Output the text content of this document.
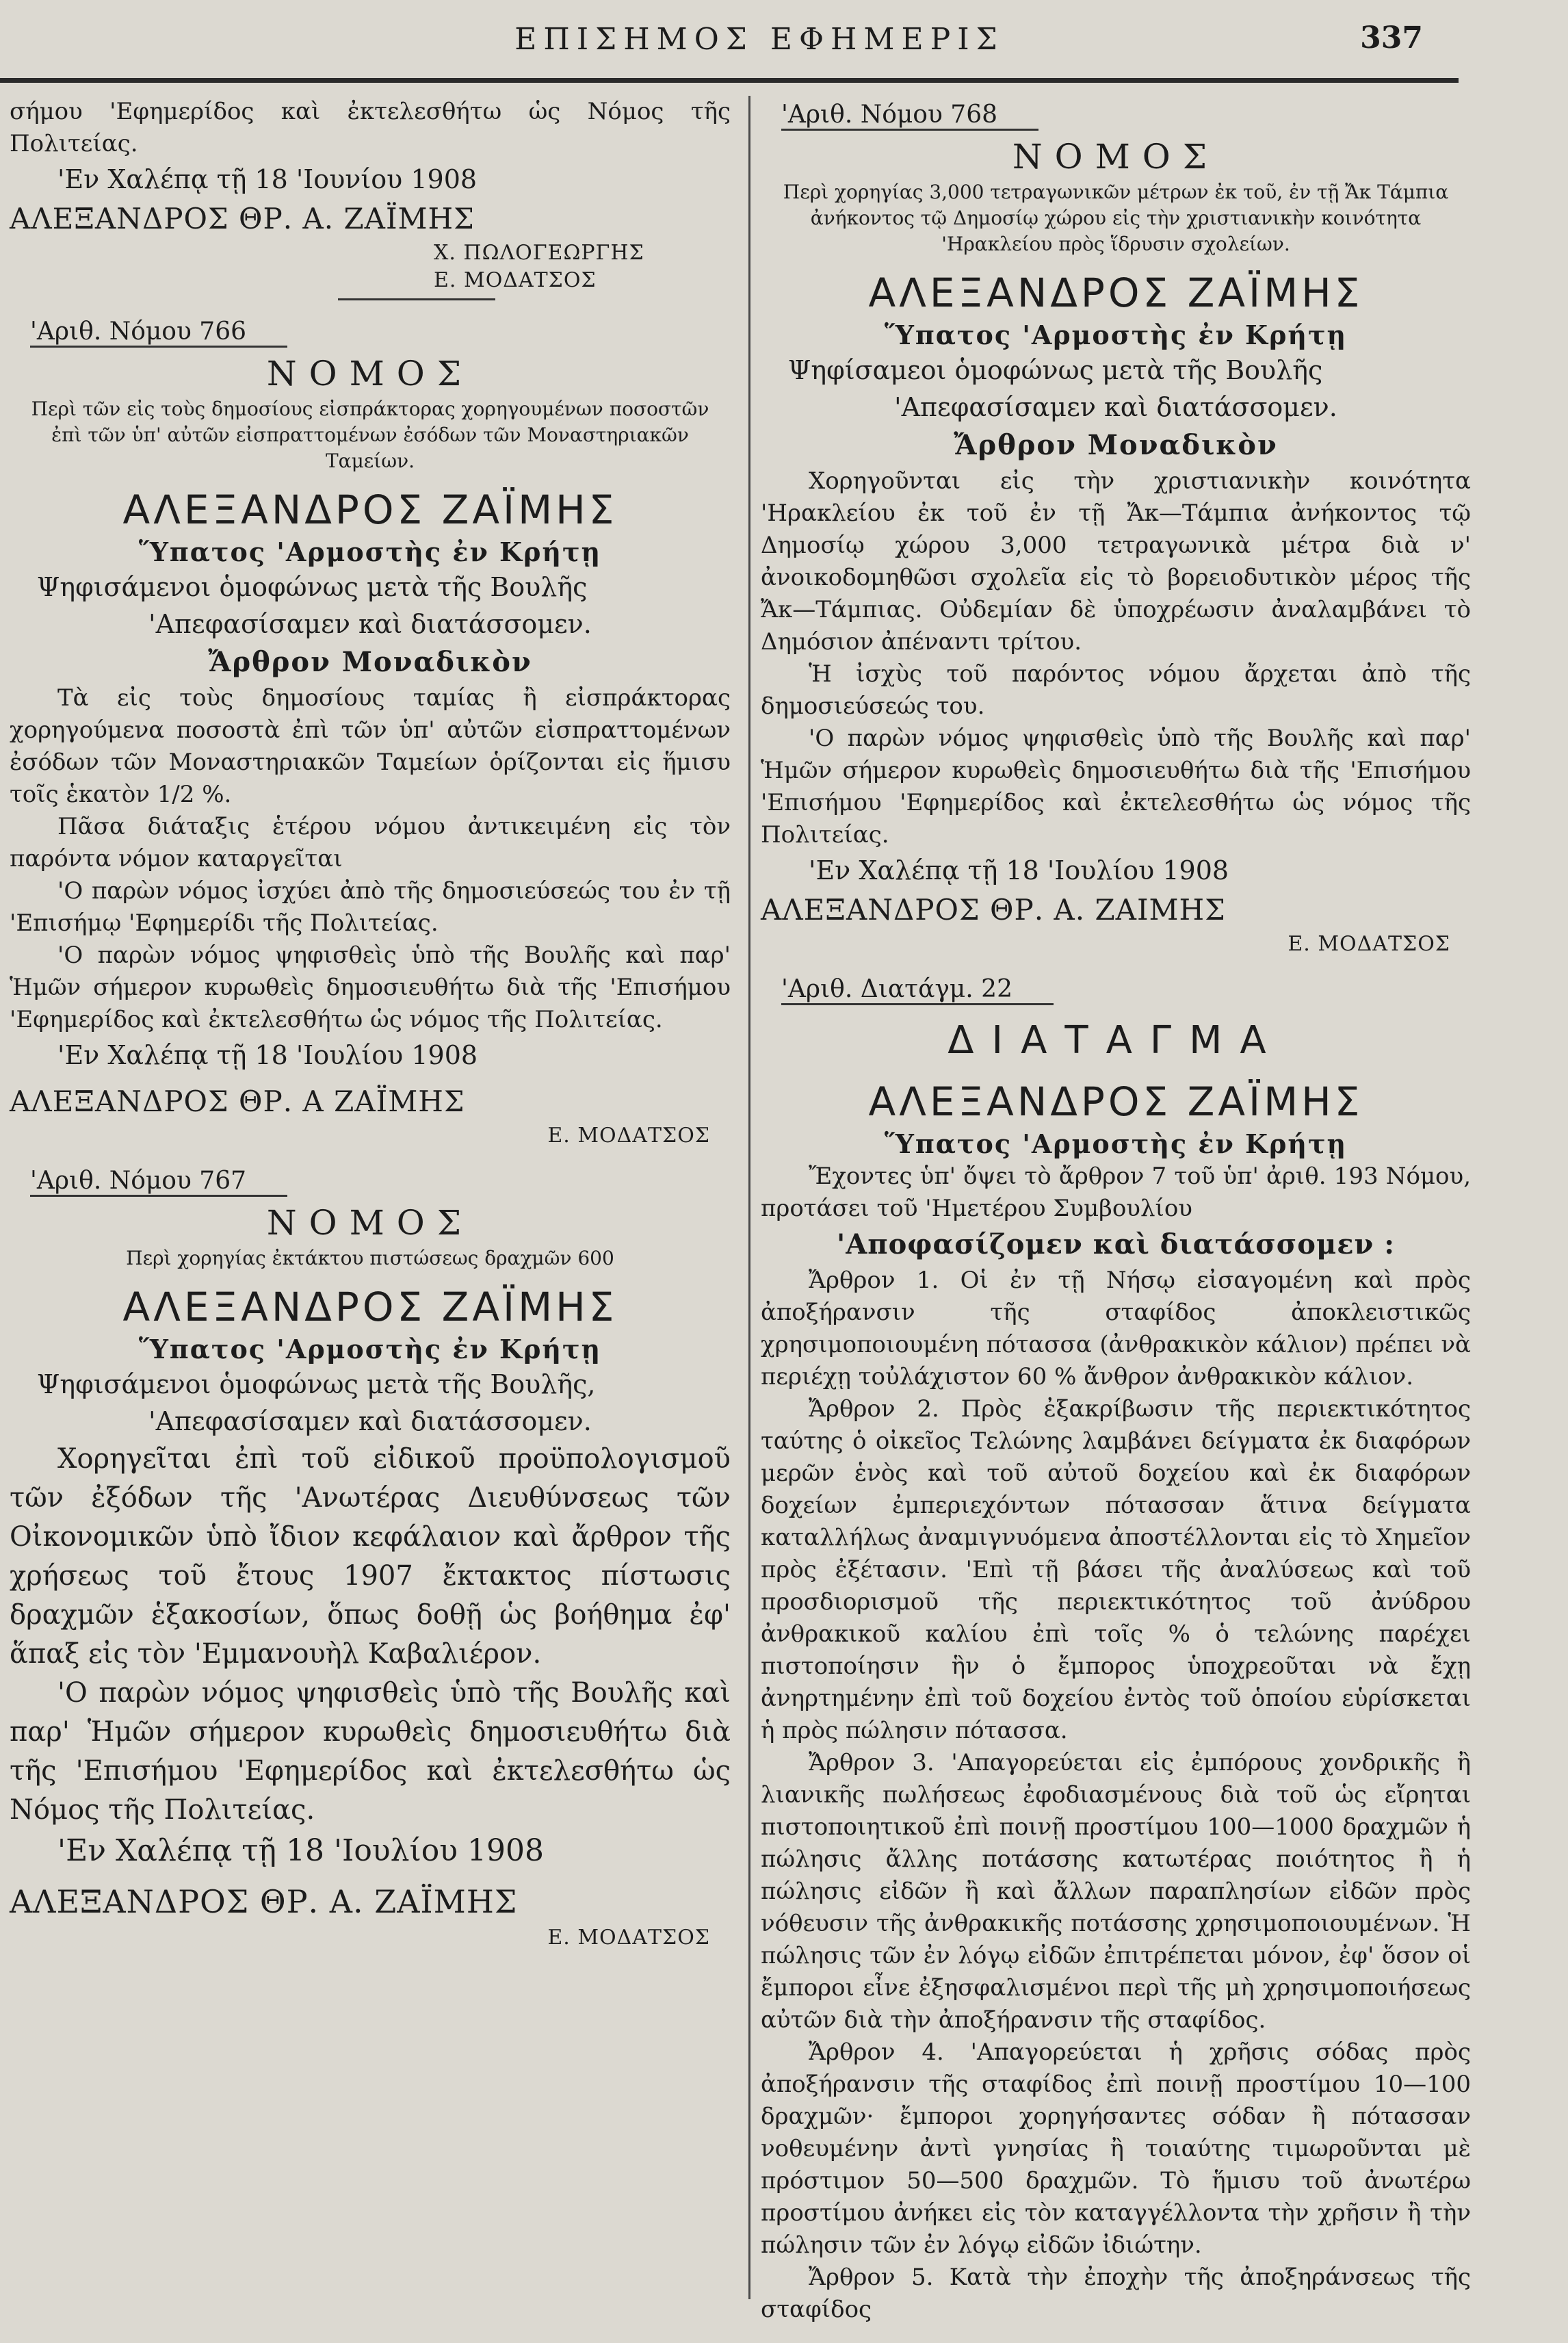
ΕΠΙΣΗΜΟΣ ΕΦΗΜΕΡΙΣ	337

σήμου 'Εφημερίδος καὶ ἐκτελεσθήτω ὡς Νόμος τῆς Πολιτείας.

'Εν Χαλέπᾳ τῇ 18 'Ιουνίου 1908

ΑΛΕΞΑΝΔΡΟΣ ΘΡ. Α. ΖΑΪΜΗΣ

Χ. ΠΩΛΟΓΕΩΡΓΗΣ

Ε. ΜΟΔΑΤΣΟΣ

'Αριθ. Νόμου 766

ΝΟΜΟΣ

Περὶ τῶν εἰς τοὺς δημοσίους εἰσπράκτορας χορηγουμένων ποσοστῶν ἐπὶ τῶν ὑπ' αὐτῶν εἰσπραττομένων ἐσόδων τῶν Μοναστηριακῶν Ταμείων.

ΑΛΕΞΑΝΔΡΟΣ ΖΑΪΜΗΣ

Ὕπατος 'Αρμοστὴς ἐν Κρήτῃ

Ψηφισάμενοι ὁμοφώνως μετὰ τῆς Βουλῆς

'Απεφασίσαμεν καὶ διατάσσομεν.

Ἄρθρον Μοναδικὸν

Τὰ εἰς τοὺς δημοσίους ταμίας ἢ εἰσπράκτορας χορηγούμενα ποσοστὰ ἐπὶ τῶν ὑπ' αὐτῶν εἰσπραττομένων ἐσόδων τῶν Μοναστηριακῶν Ταμείων ὁρίζονται εἰς ἥμισυ τοῖς ἑκατὸν 1/2 %.

Πᾶσα διάταξις ἑτέρου νόμου ἀντικειμένη εἰς τὸν παρόντα νόμον καταργεῖται

'Ο παρὼν νόμος ἰσχύει ἀπὸ τῆς δημοσιεύσεώς του ἐν τῇ 'Επισήμῳ 'Εφημερίδι τῆς Πολιτείας.

'Ο παρὼν νόμος ψηφισθεὶς ὑπὸ τῆς Βουλῆς καὶ παρ' Ἡμῶν σήμερον κυρωθεὶς δημοσιευθήτω διὰ τῆς 'Επισήμου 'Εφημερίδος καὶ ἐκτελεσθήτω ὡς νόμος τῆς Πολιτείας.

'Εν Χαλέπᾳ τῇ 18 'Ιουλίου 1908

ΑΛΕΞΑΝΔΡΟΣ ΘΡ. Α ΖΑΪΜΗΣ

Ε. ΜΟΔΑΤΣΟΣ

'Αριθ. Νόμου 767

ΝΟΜΟΣ

Περὶ χορηγίας ἐκτάκτου πιστώσεως δραχμῶν 600

ΑΛΕΞΑΝΔΡΟΣ ΖΑΪΜΗΣ

Ὕπατος 'Αρμοστὴς ἐν Κρήτῃ

Ψηφισάμενοι ὁμοφώνως μετὰ τῆς Βουλῆς,

'Απεφασίσαμεν καὶ διατάσσομεν.

Χορηγεῖται ἐπὶ τοῦ εἰδικοῦ προϋπολογισμοῦ τῶν ἐξόδων τῆς 'Ανωτέρας Διευθύνσεως τῶν Οἰκονομικῶν ὑπὸ ἴδιον κεφάλαιον καὶ ἄρθρον τῆς χρήσεως τοῦ ἔτους 1907 ἔκτακτος πίστωσις δραχμῶν ἑξακοσίων, ὅπως δοθῇ ὡς βοήθημα ἐφ' ἅπαξ εἰς τὸν 'Εμμανουὴλ Καβαλιέρον.

'Ο παρὼν νόμος ψηφισθεὶς ὑπὸ τῆς Βουλῆς καὶ παρ' Ἡμῶν σήμερον κυρωθεὶς δημοσιευθήτω διὰ τῆς 'Επισήμου 'Εφημερίδος καὶ ἐκτελεσθήτω ὡς Νόμος τῆς Πολιτείας.

'Εν Χαλέπᾳ τῇ 18 'Ιουλίου 1908

ΑΛΕΞΑΝΔΡΟΣ ΘΡ. Α. ΖΑΪΜΗΣ

Ε. ΜΟΔΑΤΣΟΣ

'Αριθ. Νόμου 768

ΝΟΜΟΣ

Περὶ χορηγίας 3,000 τετραγωνικῶν μέτρων ἐκ τοῦ, ἐν τῇ Ἄκ Τάμπια ἀνήκοντος τῷ Δημοσίῳ χώρου εἰς τὴν χριστιανικὴν κοινότητα 'Ηρακλείου πρὸς ἵδρυσιν σχολείων.

ΑΛΕΞΑΝΔΡΟΣ ΖΑΪΜΗΣ

Ὕπατος 'Αρμοστὴς ἐν Κρήτῃ

Ψηφίσαμεοι ὁμοφώνως μετὰ τῆς Βουλῆς

'Απεφασίσαμεν καὶ διατάσσομεν.

Ἄρθρον Μοναδικὸν

Χορηγοῦνται εἰς τὴν χριστιανικὴν κοινότητα 'Ηρακλείου ἐκ τοῦ ἐν τῇ Ἄκ—Τάμπια ἀνήκοντος τῷ Δημοσίῳ χώρου 3,000 τετραγωνικὰ μέτρα διὰ ν' ἀνοικοδομηθῶσι σχολεῖα εἰς τὸ βορειοδυτικὸν μέρος τῆς Ἄκ—Τάμπιας. Οὐδεμίαν δὲ ὑποχρέωσιν ἀναλαμβάνει τὸ Δημόσιον ἀπέναντι τρίτου.

Ἡ ἰσχὺς τοῦ παρόντος νόμου ἄρχεται ἀπὸ τῆς δημοσιεύσεώς του.

'Ο παρὼν νόμος ψηφισθεὶς ὑπὸ τῆς Βουλῆς καὶ παρ' Ἡμῶν σήμερον κυρωθεὶς δημοσιευθήτω διὰ τῆς 'Επισήμου 'Επισήμου 'Εφημερίδος καὶ ἐκτελεσθήτω ὡς νόμος τῆς Πολιτείας.

'Εν Χαλέπᾳ τῇ 18 'Ιουλίου 1908

ΑΛΕΞΑΝΔΡΟΣ ΘΡ. Α. ΖΑΙΜΗΣ

Ε. ΜΟΔΑΤΣΟΣ

'Αριθ. Διατάγμ. 22

ΔΙΑΤΑΓΜΑ

ΑΛΕΞΑΝΔΡΟΣ ΖΑΪΜΗΣ

Ὕπατος 'Αρμοστὴς ἐν Κρήτῃ

Ἔχοντες ὑπ' ὄψει τὸ ἄρθρον 7 τοῦ ὑπ' ἀριθ. 193 Νόμου, προτάσει τοῦ 'Ημετέρου Συμβουλίου

'Αποφασίζομεν καὶ διατάσσομεν :

Ἄρθρον 1. Οἱ ἐν τῇ Νήσῳ εἰσαγομένη καὶ πρὸς ἀποξήρανσιν τῆς σταφίδος ἀποκλειστικῶς χρησιμοποιουμένη πότασσα (ἀνθρακικὸν κάλιον) πρέπει νὰ περιέχῃ τοὐλάχιστον 60 % ἄνθρον ἀνθρακικὸν κάλιον.

Ἄρθρον 2. Πρὸς ἐξακρίβωσιν τῆς περιεκτικότητος ταύτης ὁ οἰκεῖος Τελώνης λαμβάνει δείγματα ἐκ διαφόρων μερῶν ἑνὸς καὶ τοῦ αὐτοῦ δοχείου καὶ ἐκ διαφόρων δοχείων ἐμπεριεχόντων πότασσαν ἅτινα δείγματα καταλλήλως ἀναμιγνυόμενα ἀποστέλλονται εἰς τὸ Χημεῖον πρὸς ἐξέτασιν. 'Επὶ τῇ βάσει τῆς ἀναλύσεως καὶ τοῦ προσδιορισμοῦ τῆς περιεκτικότητος τοῦ ἀνύδρου ἀνθρακικοῦ καλίου ἐπὶ τοῖς % ὁ τελώνης παρέχει πιστοποίησιν ἣν ὁ ἔμπορος ὑποχρεοῦται νὰ ἔχῃ ἀνηρτημένην ἐπὶ τοῦ δοχείου ἐντὸς τοῦ ὁποίου εὑρίσκεται ἡ πρὸς πώλησιν πότασσα.

Ἄρθρον 3. 'Απαγορεύεται εἰς ἐμπόρους χονδρικῆς ἢ λιανικῆς πωλήσεως ἐφοδιασμένους διὰ τοῦ ὡς εἴρηται πιστοποιητικοῦ ἐπὶ ποινῇ προστίμου 100—1000 δραχμῶν ἡ πώλησις ἄλλης ποτάσσης κατωτέρας ποιότητος ἢ ἡ πώλησις εἰδῶν ἢ καὶ ἄλλων παραπλησίων εἰδῶν πρὸς νόθευσιν τῆς ἀνθρακικῆς ποτάσσης χρησιμοποιουμένων. Ἡ πώλησις τῶν ἐν λόγῳ εἰδῶν ἐπιτρέπεται μόνον, ἐφ' ὅσον οἱ ἔμποροι εἶνε ἐξησφαλισμένοι περὶ τῆς μὴ χρησιμοποιήσεως αὐτῶν διὰ τὴν ἀποξήρανσιν τῆς σταφίδος.

Ἄρθρον 4. 'Απαγορεύεται ἡ χρῆσις σόδας πρὸς ἀποξήρανσιν τῆς σταφίδος ἐπὶ ποινῇ προστίμου 10—100 δραχμῶν· ἔμποροι χορηγήσαντες σόδαν ἢ πότασσαν νοθευμένην ἀντὶ γνησίας ἢ τοιαύτης τιμωροῦνται μὲ πρόστιμον 50—500 δραχμῶν. Τὸ ἥμισυ τοῦ ἀνωτέρω προστίμου ἀνήκει εἰς τὸν καταγγέλλοντα τὴν χρῆσιν ἢ τὴν πώλησιν τῶν ἐν λόγῳ εἰδῶν ἰδιώτην.

Ἄρθρον 5. Κατὰ τὴν ἐποχὴν τῆς ἀποξηράνσεως τῆς σταφίδος
